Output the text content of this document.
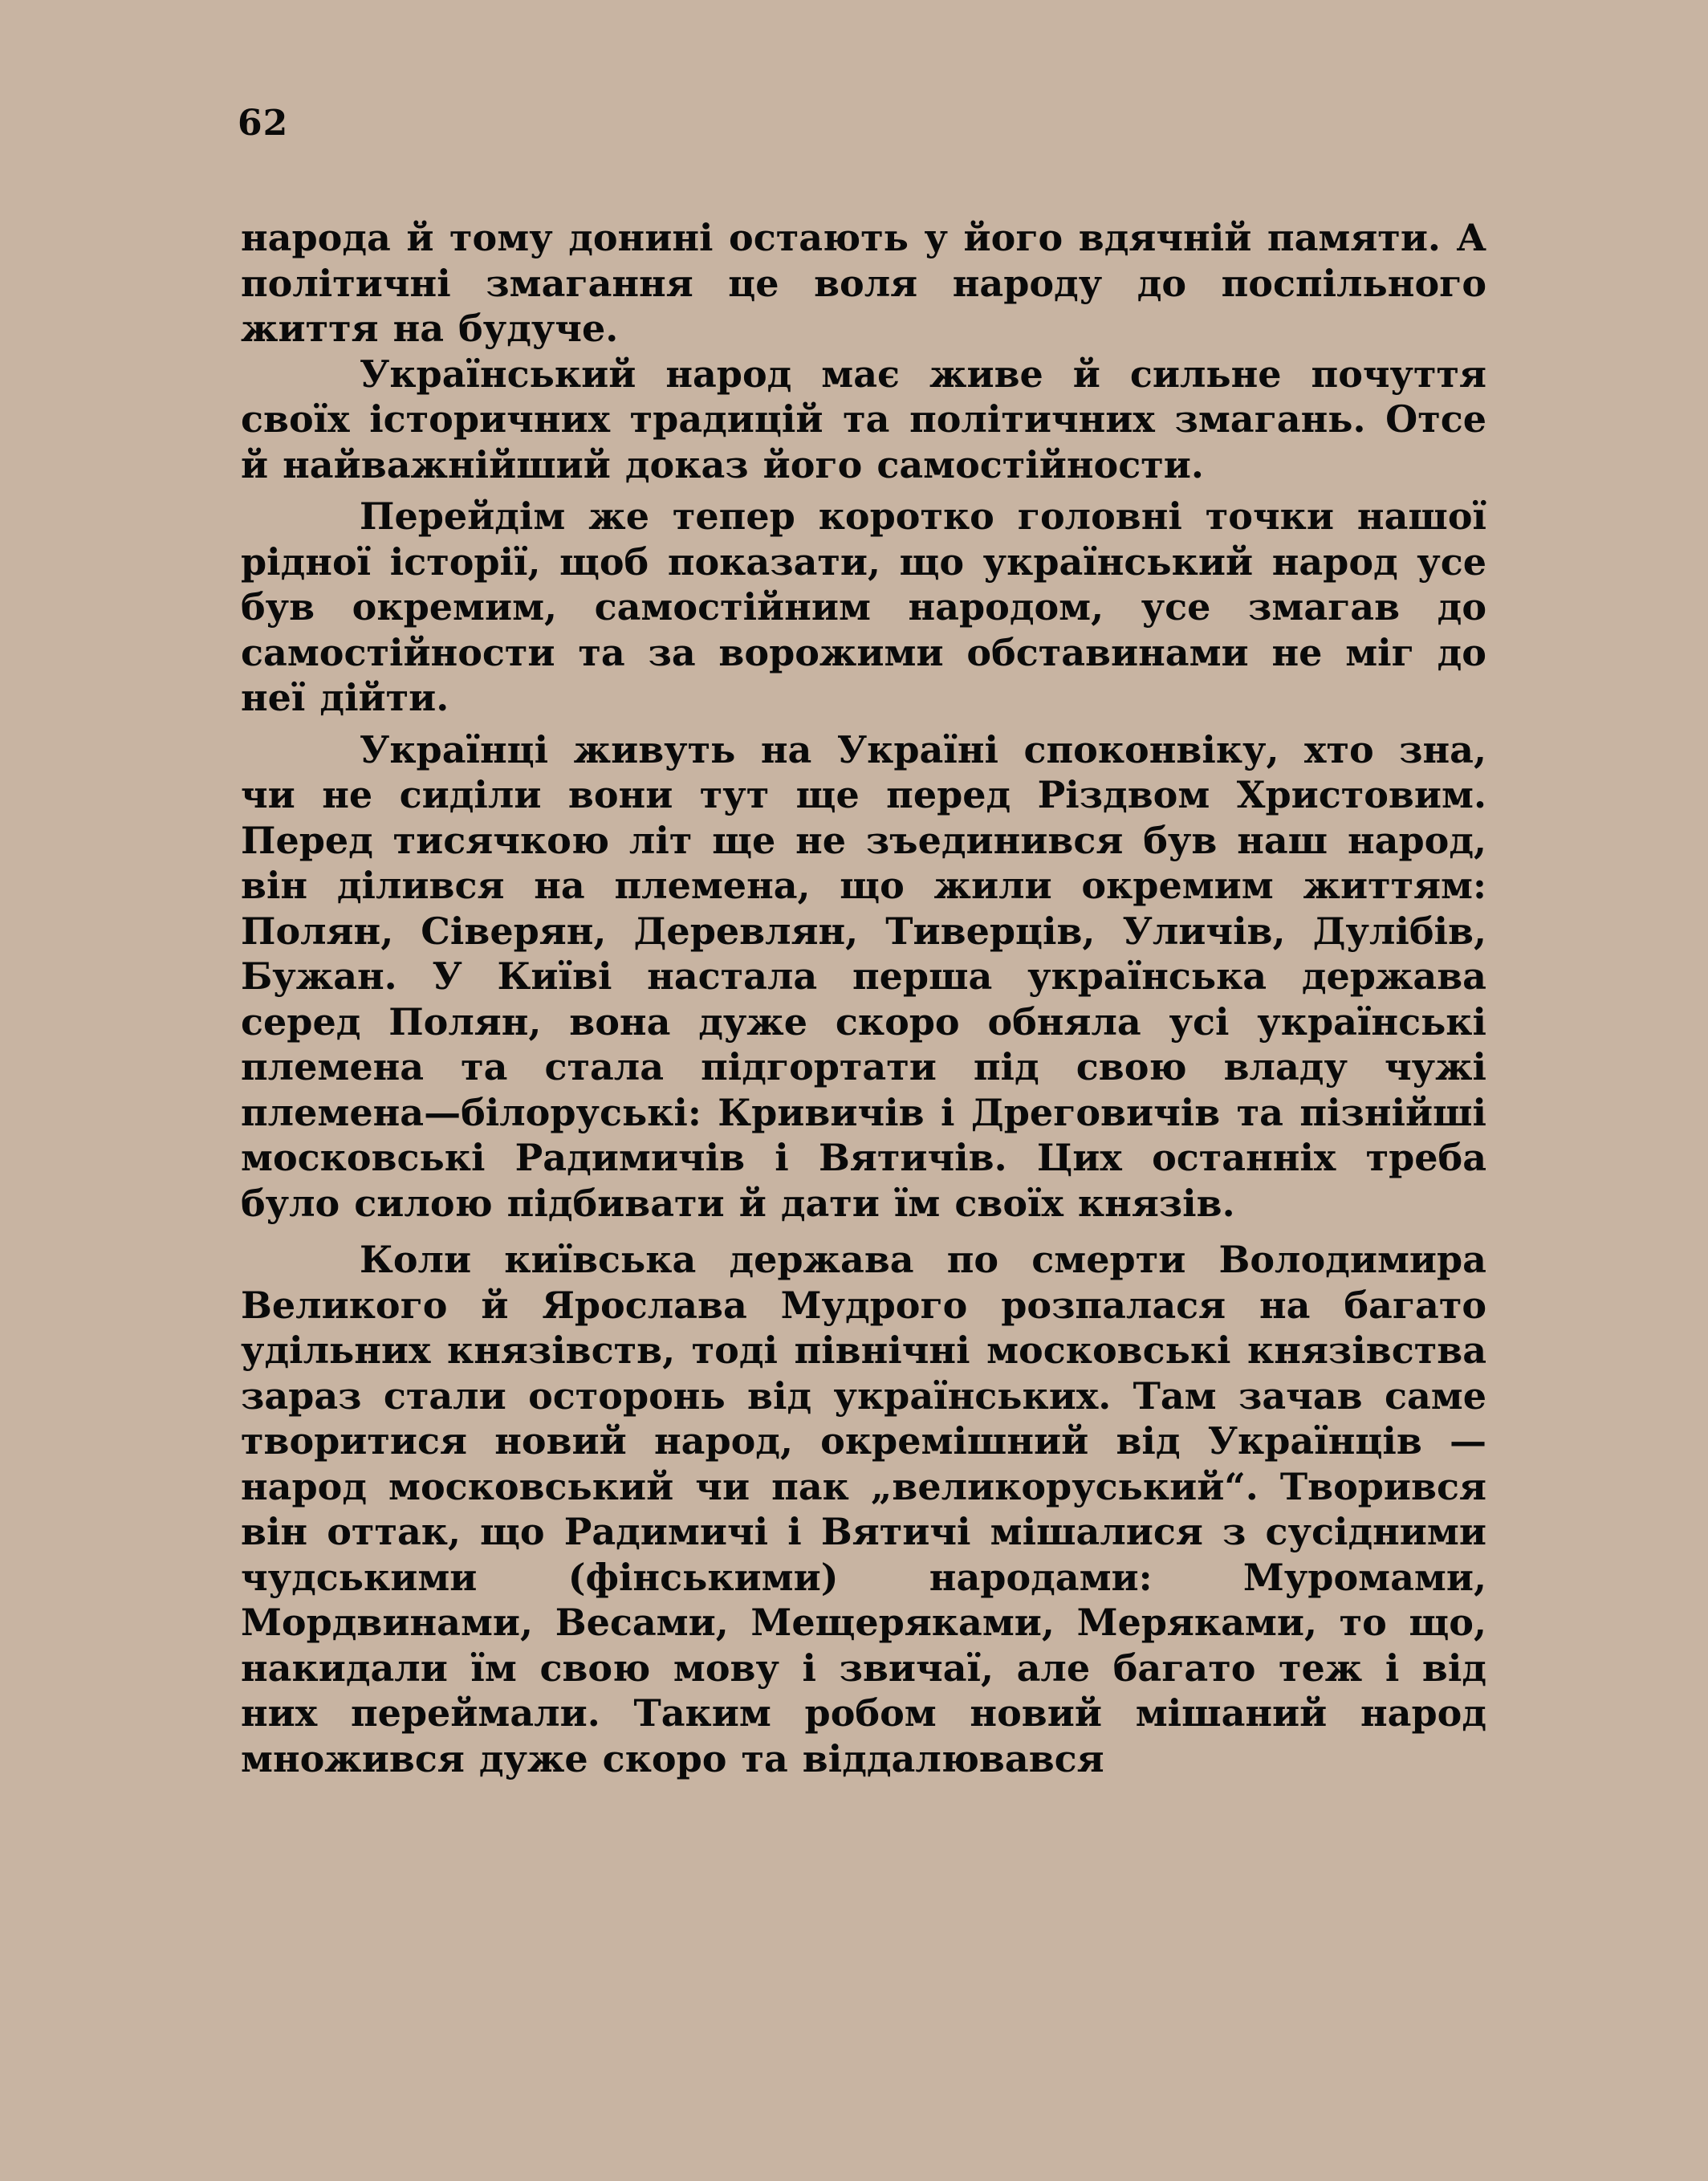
62

народа й тому донині остають у його вдячній памяти. А політичні змагання це воля народу до поспільного життя на будуче.

Український народ має живе й сильне почуття своїх історичних традицій та політичних змагань. Отсе й найважнійший доказ його самостійности.

Перейдім же тепер коротко головні точки нашої рідної історії, щоб показати, що український народ усе був окремим, самостійним народом, усе змагав до самостійности та за ворожими обставинами не міг до неї дійти.

Українці живуть на Україні споконвіку, хто зна, чи не сиділи вони тут ще перед Різдвом Христовим. Перед тисячкою літ ще не зъединився був наш народ, він ділився на племена, що жили окремим життям: Полян, Сіверян, Деревлян, Тиверців, Уличів, Дулібів, Бужан. У Київі настала перша українська держава серед Полян, вона дуже скоро обняла усі українські племена та стала підгортати під свою владу чужі племена—білоруські: Кривичів і Дреговичів та пізнійші московські Радимичів і Вятичів. Цих останніх треба було силою підбивати й дати їм своїх князів.

Коли київська держава по смерти Володимира Великого й Ярослава Мудрого розпалася на багато удільних князівств, тоді північні московські князівства зараз стали осторонь від українських. Там зачав саме творитися новий народ, окремішний від Українців — народ московський чи пак „великоруський“. Творився він оттак, що Радимичі і Вятичі мішалися з сусідними чудськими (фінськими) народами: Муромами, Мордвинами, Весами, Мещеряками, Меряками, то що, накидали їм свою мову і звичаї, але багато теж і від них переймали. Таким робом новий мішаний народ множився дуже скоро та віддалювався
